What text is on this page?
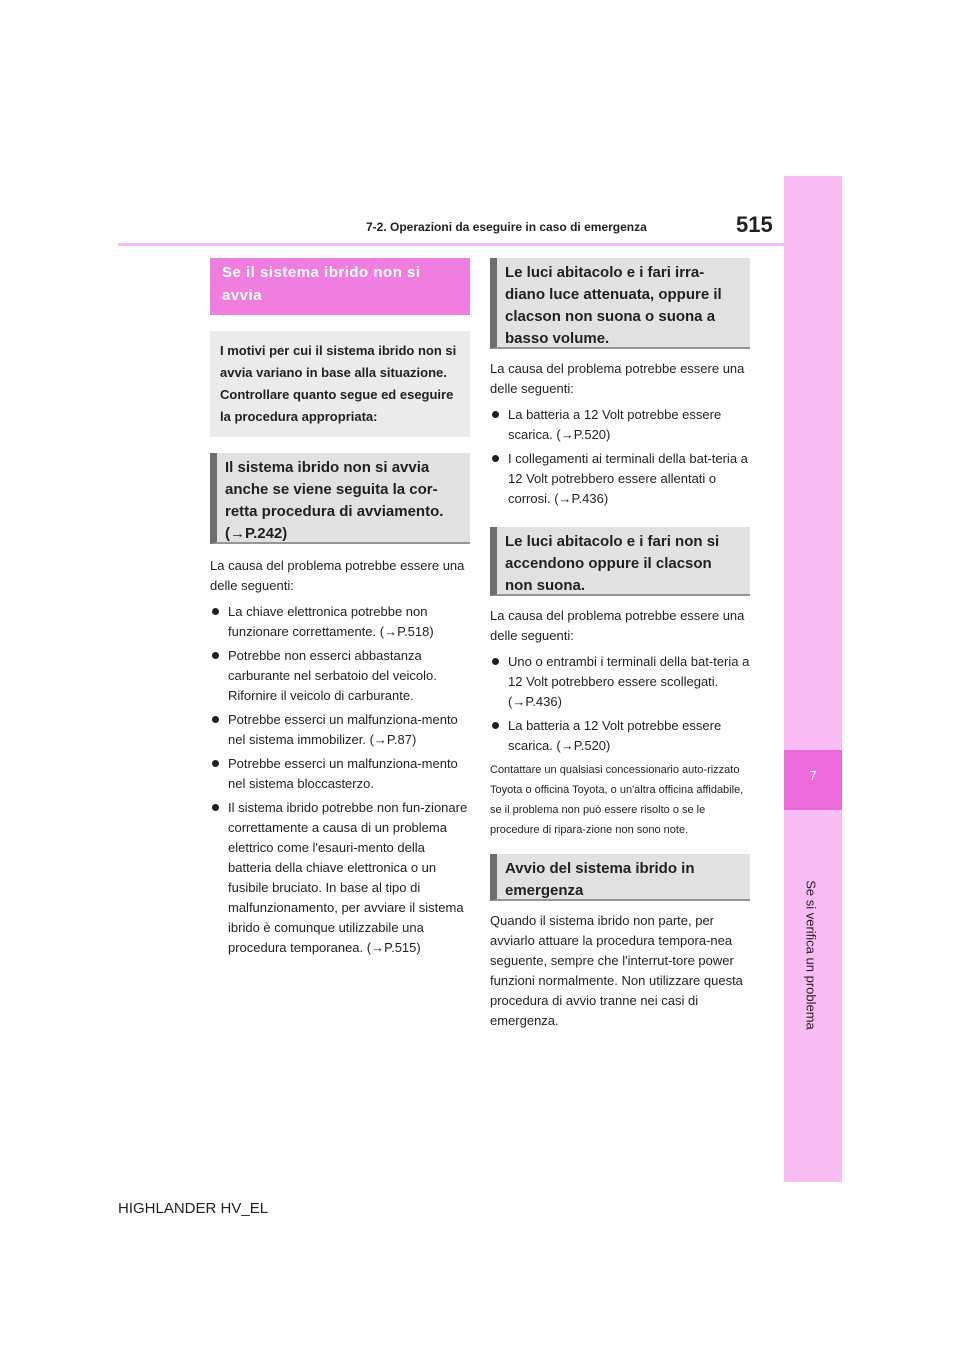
7
Se si verifica un problema
7-2. Operazioni da eseguire in caso di emergenza	515
Se il sistema ibrido non si avvia
I motivi per cui il sistema ibrido non si avvia variano in base alla situazione. Controllare quanto segue ed eseguire la procedura appropriata:
Il sistema ibrido non si avvia anche se viene seguita la cor-retta procedura di avviamento. (→P.242)

La causa del problema potrebbe essere una delle seguenti:

La chiave elettronica potrebbe non funzionare correttamente. (→P.518)
Potrebbe non esserci abbastanza carburante nel serbatoio del veicolo. Rifornire il veicolo di carburante.
Potrebbe esserci un malfunziona-mento nel sistema immobilizer. (→P.87)
Potrebbe esserci un malfunziona-mento nel sistema bloccasterzo.
Il sistema ibrido potrebbe non fun-zionare correttamente a causa di un problema elettrico come l'esauri-mento della batteria della chiave elettronica o un fusibile bruciato. In base al tipo di malfunzionamento, per avviare il sistema ibrido è comunque utilizzabile una procedura temporanea. (→P.515)
Le luci abitacolo e i fari irra-diano luce attenuata, oppure il clacson non suona o suona a basso volume.

La causa del problema potrebbe essere una delle seguenti:

La batteria a 12 Volt potrebbe essere scarica. (→P.520)
I collegamenti ai terminali della bat-teria a 12 Volt potrebbero essere allentati o corrosi. (→P.436)
Le luci abitacolo e i fari non si accendono oppure il clacson non suona.

La causa del problema potrebbe essere una delle seguenti:

Uno o entrambi i terminali della bat-teria a 12 Volt potrebbero essere scollegati. (→P.436)
La batteria a 12 Volt potrebbe essere scarica. (→P.520)

Contattare un qualsiasi concessionario auto-rizzato Toyota o officina Toyota, o un'altra officina affidabile, se il problema non può essere risolto o se le procedure di ripara-zione non sono note.

Avvio del sistema ibrido in emergenza

Quando il sistema ibrido non parte, per avviarlo attuare la procedura tempora-nea seguente, sempre che l'interrut-tore power funzioni normalmente. Non utilizzare questa procedura di avvio tranne nei casi di emergenza.

HIGHLANDER HV_EL
